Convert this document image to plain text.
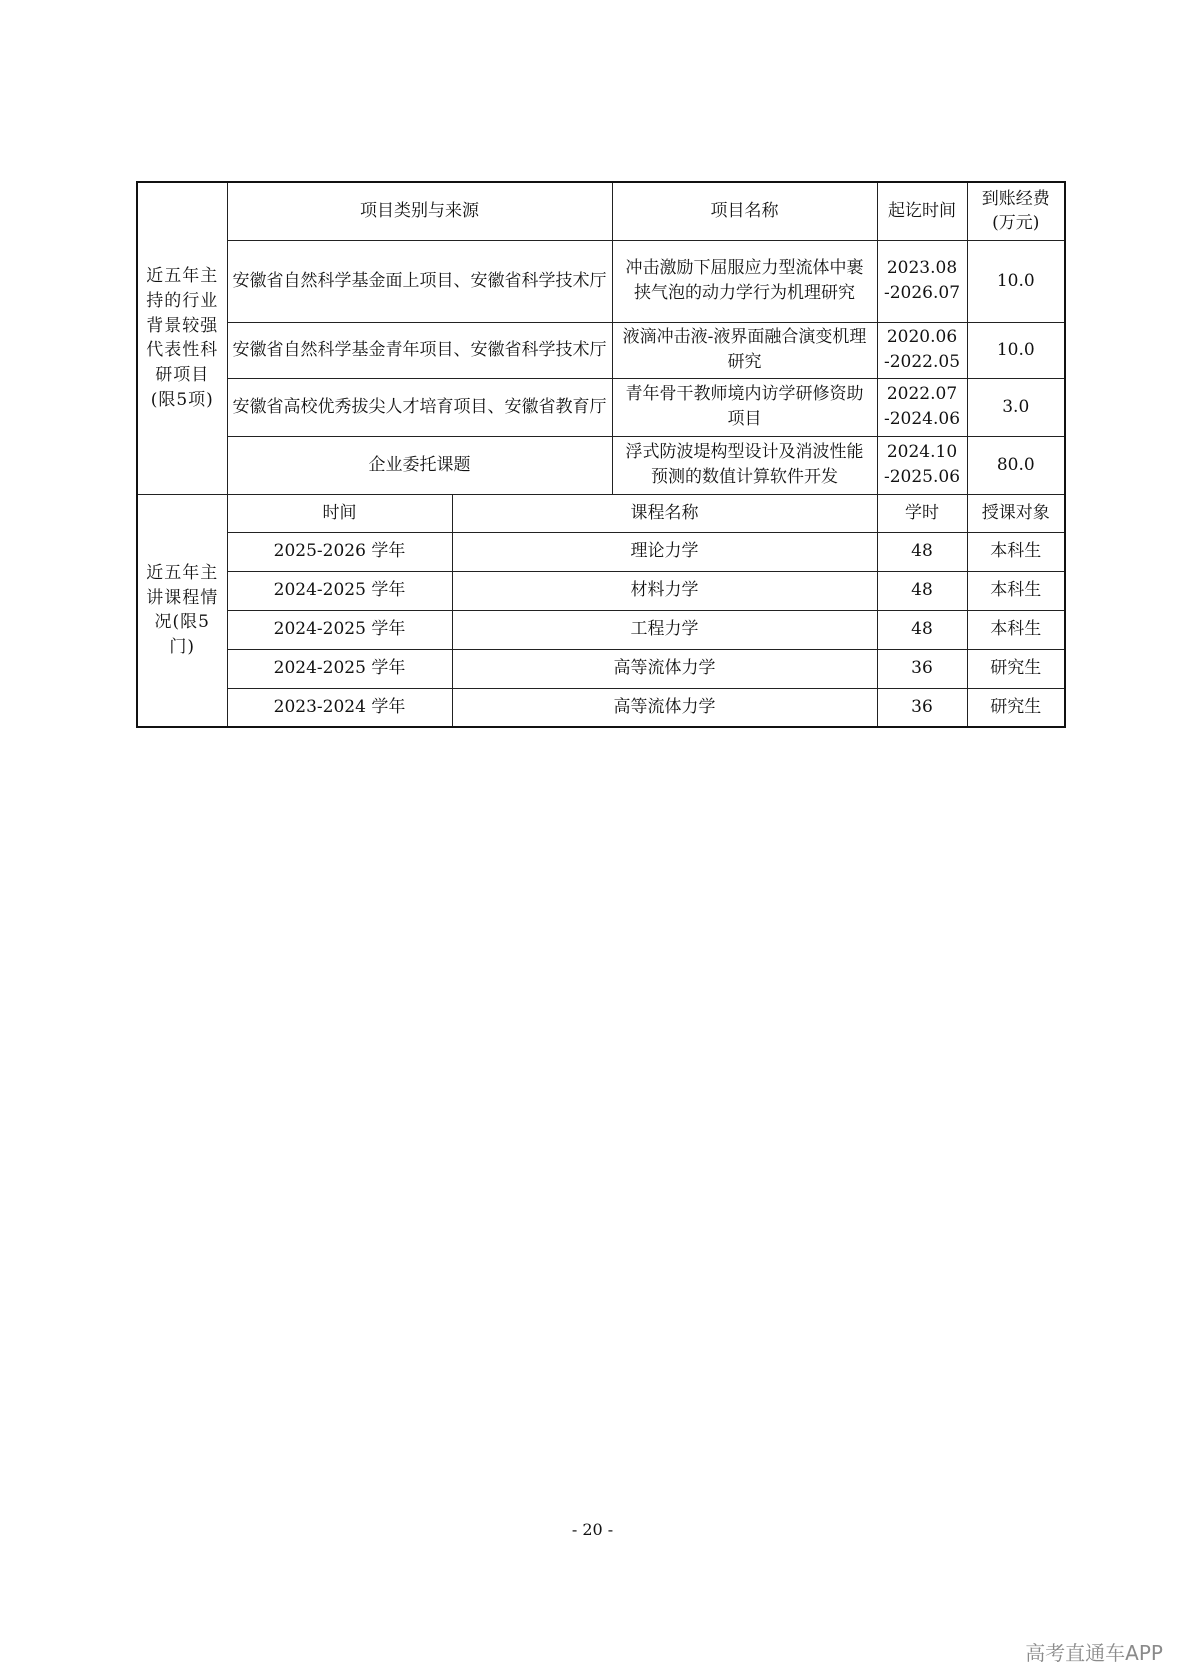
近五年主持的行业背景较强代表性科研项目(限5项)	项目类别与来源		项目名称	起讫时间	到账经费(万元)
	安徽省自然科学基金面上项目、安徽省科学技术厅		冲击激励下屈服应力型流体中裹挟气泡的动力学行为机理研究	2023.08 -2026.07	10.0
	安徽省自然科学基金青年项目、安徽省科学技术厅		液滴冲击液-液界面融合演变机理研究	2020.06 -2022.05	10.0
	安徽省高校优秀拔尖人才培育项目、安徽省教育厅		青年骨干教师境内访学研修资助项目	2022.07 -2024.06	3.0
	企业委托课题		浮式防波堤构型设计及消波性能预测的数值计算软件开发	2024.10 -2025.06	80.0
近五年主讲课程情况(限5门)	时间	课程名称		学时	授课对象
	2025-2026 学年	理论力学		48	本科生
	2024-2025 学年	材料力学		48	本科生
	2024-2025 学年	工程力学		48	本科生
	2024-2025 学年	高等流体力学		36	研究生
	2023-2024 学年	高等流体力学		36	研究生
- 20 -
高考直通车APP
